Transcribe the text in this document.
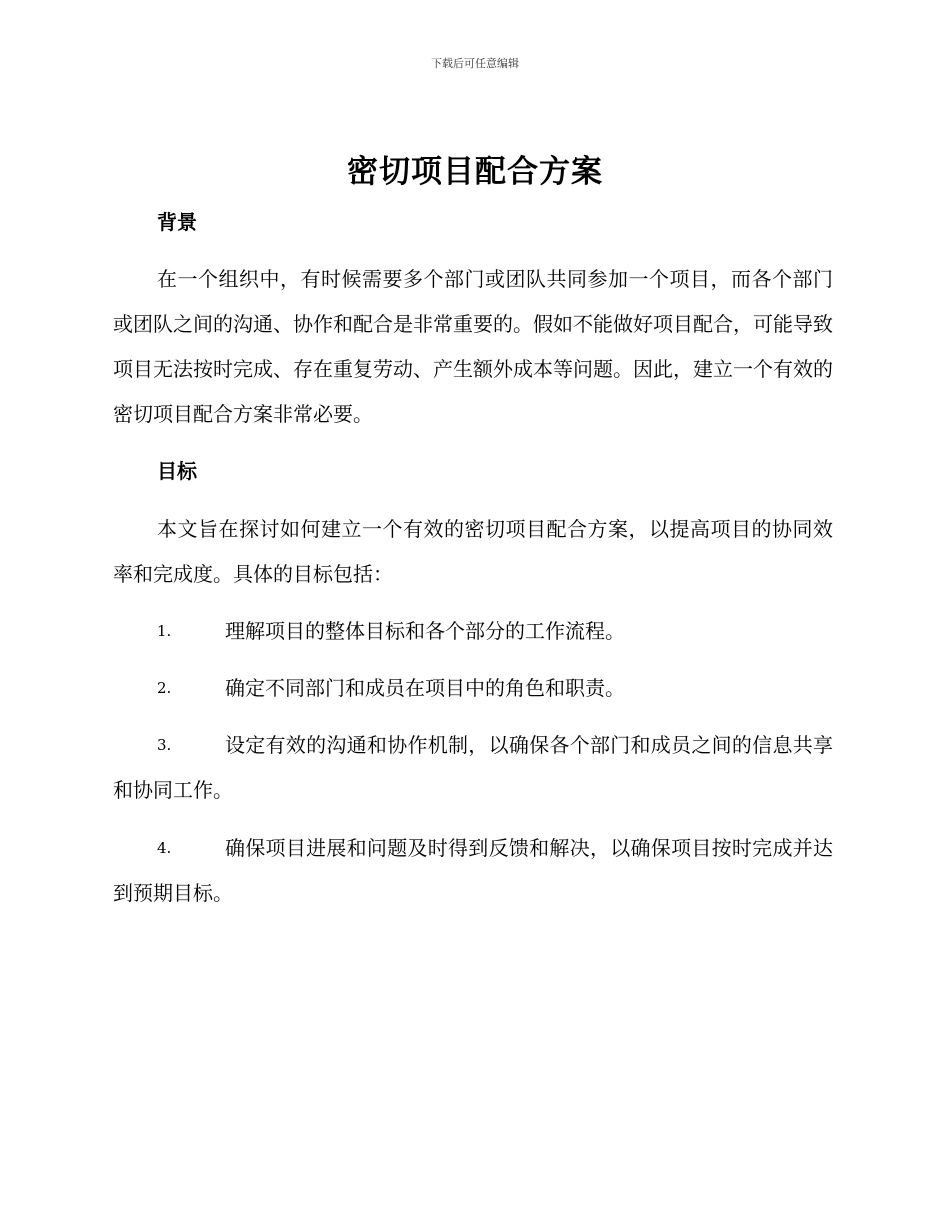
下载后可任意编辑
密切项目配合方案
背景
在一个组织中，有时候需要多个部门或团队共同参加一个项目，而各个部门或团队之间的沟通、协作和配合是非常重要的。假如不能做好项目配合，可能导致项目无法按时完成、存在重复劳动、产生额外成本等问题。因此，建立一个有效的密切项目配合方案非常必要。
目标
本文旨在探讨如何建立一个有效的密切项目配合方案，以提高项目的协同效率和完成度。具体的目标包括：
1.	理解项目的整体目标和各个部分的工作流程。
2.	确定不同部门和成员在项目中的角色和职责。
3.	设定有效的沟通和协作机制，以确保各个部门和成员之间的信息共享和协同工作。
4.	确保项目进展和问题及时得到反馈和解决，以确保项目按时完成并达到预期目标。
